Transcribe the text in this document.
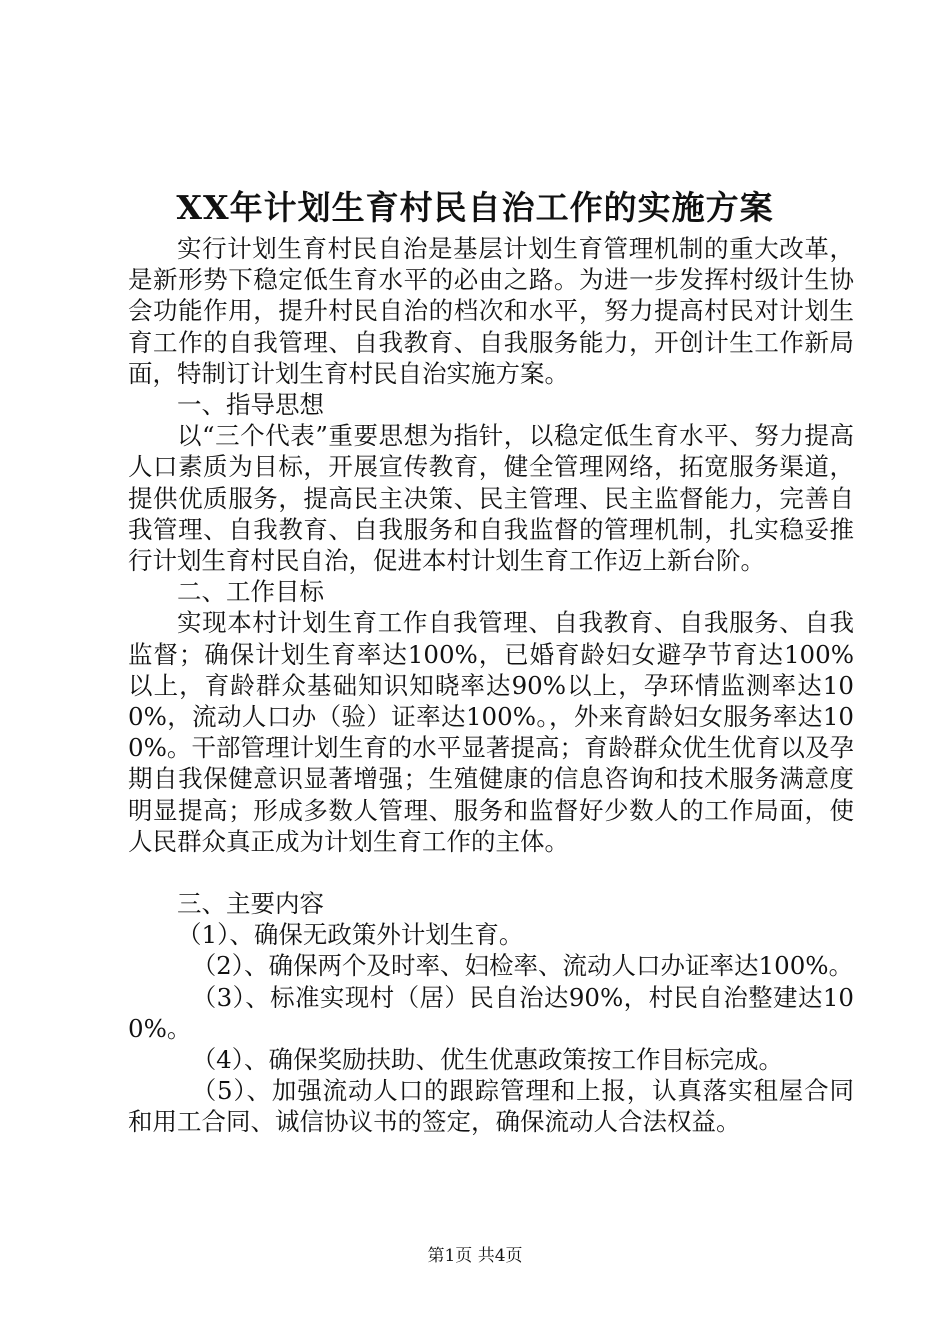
XX年计划生育村民自治工作的实施方案

实行计划生育村民自治是基层计划生育管理机制的重大改革，是新形势下稳定低生育水平的必由之路。为进一步发挥村级计生协会功能作用，提升村民自治的档次和水平，努力提高村民对计划生育工作的自我管理、自我教育、自我服务能力，开创计生工作新局面，特制订计划生育村民自治实施方案。

一、指导思想

以“三个代表”重要思想为指针，以稳定低生育水平、努力提高人口素质为目标，开展宣传教育，健全管理网络，拓宽服务渠道，提供优质服务，提高民主决策、民主管理、民主监督能力，完善自我管理、自我教育、自我服务和自我监督的管理机制，扎实稳妥推行计划生育村民自治，促进本村计划生育工作迈上新台阶。

二、工作目标

实现本村计划生育工作自我管理、自我教育、自我服务、自我监督；确保计划生育率达100%，已婚育龄妇女避孕节育达100%以上，育龄群众基础知识知晓率达90%以上，孕环情监测率达100%，流动人口办（验）证率达100%。，外来育龄妇女服务率达100%。干部管理计划生育的水平显著提高；育龄群众优生优育以及孕期自我保健意识显著增强；生殖健康的信息咨询和技术服务满意度明显提高；形成多数人管理、服务和监督好少数人的工作局面，使人民群众真正成为计划生育工作的主体。

三、主要内容

（1）、确保无政策外计划生育。

（2）、确保两个及时率、妇检率、流动人口办证率达100%。

（3）、标准实现村（居）民自治达90%，村民自治整建达100%。

（4）、确保奖励扶助、优生优惠政策按工作目标完成。

（5）、加强流动人口的跟踪管理和上报，认真落实租屋合同和用工合同、诚信协议书的签定，确保流动人合法权益。

第1页 共4页
